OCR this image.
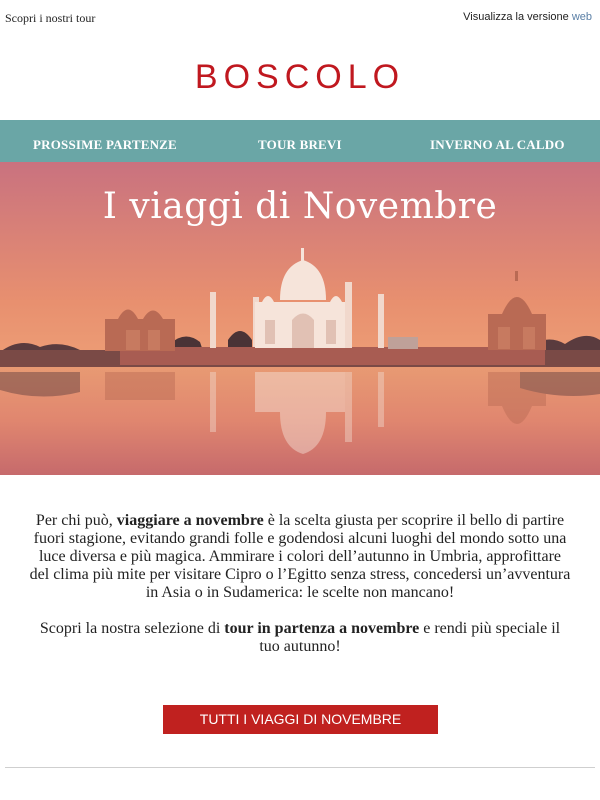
Scopri i nostri tour	Visualizza la versione web
BOSCOLO
PROSSIME PARTENZE	TOUR BREVI	INVERNO AL CALDO
I viaggi di Novembre

Per chi può, viaggiare a novembre è la scelta giusta per scoprire il bello di partire fuori stagione, evitando grandi folle e godendosi alcuni luoghi del mondo sotto una luce diversa e più magica. Ammirare i colori dell’autunno in Umbria, approfittare del clima più mite per visitare Cipro o l’Egitto senza stress, concedersi un’avventura in Asia o in Sudamerica: le scelte non mancano!

Scopri la nostra selezione di tour in partenza a novembre e rendi più speciale il tuo autunno!

TUTTI I VIAGGI DI NOVEMBRE
